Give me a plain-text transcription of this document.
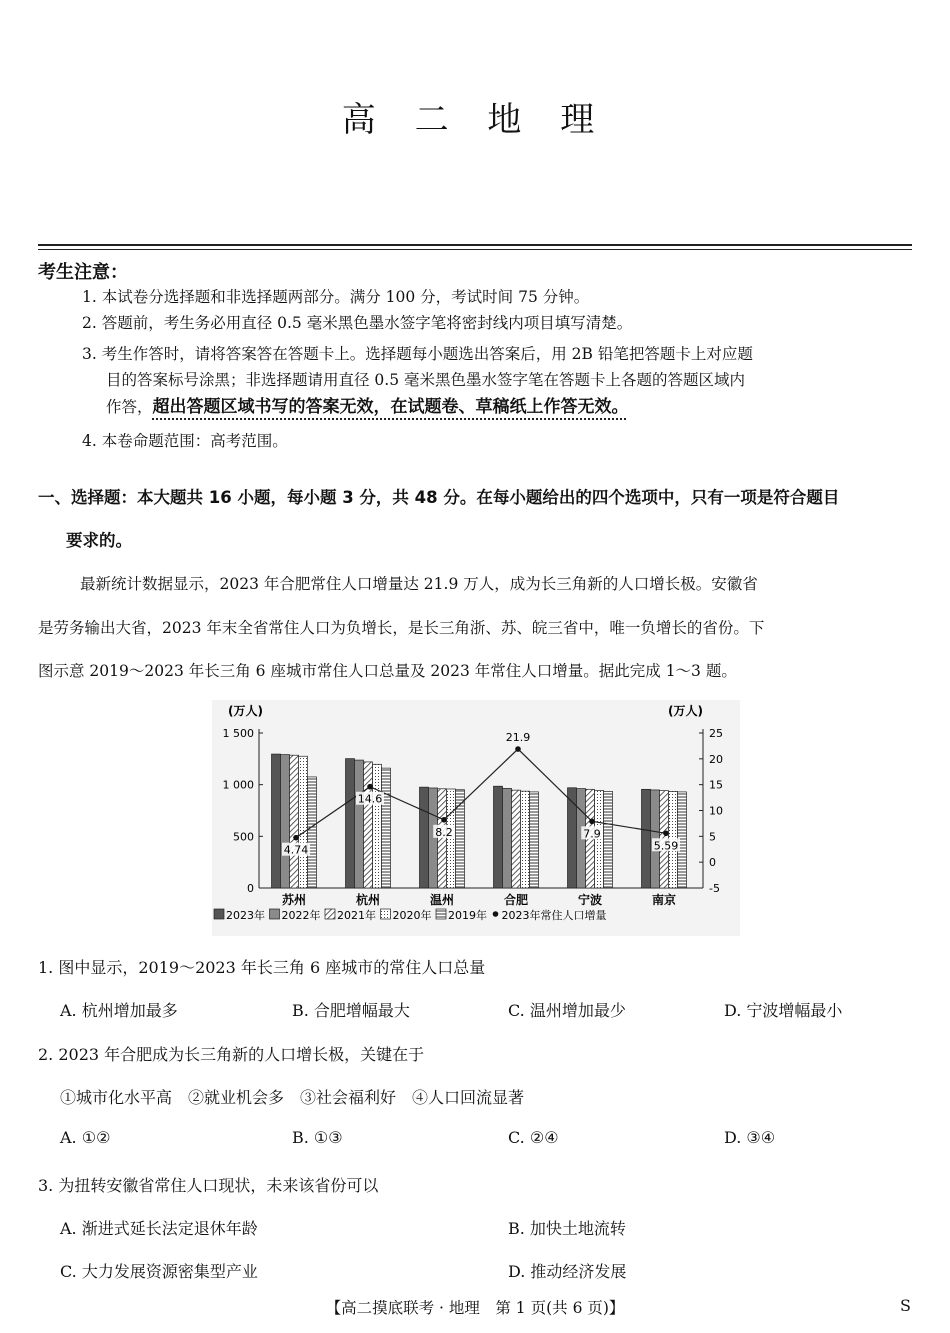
高 二 地 理
考生注意：
1. 本试卷分选择题和非选择题两部分。满分 100 分，考试时间 75 分钟。
2. 答题前，考生务必用直径 0.5 毫米黑色墨水签字笔将密封线内项目填写清楚。
3. 考生作答时，请将答案答在答题卡上。选择题每小题选出答案后，用 2B 铅笔把答题卡上对应题
目的答案标号涂黑；非选择题请用直径 0.5 毫米黑色墨水签字笔在答题卡上各题的答题区域内
作答，超出答题区域书写的答案无效，在试题卷、草稿纸上作答无效。
4. 本卷命题范围：高考范围。
一、选择题：本大题共 16 小题，每小题 3 分，共 48 分。在每小题给出的四个选项中，只有一项是符合题目
要求的。
最新统计数据显示，2023 年合肥常住人口增量达 21.9 万人，成为长三角新的人口增长极。安徽省
是劳务输出大省，2023 年末全省常住人口为负增长，是长三角浙、苏、皖三省中，唯一负增长的省份。下
图示意 2019～2023 年长三角 6 座城市常住人口总量及 2023 年常住人口增量。据此完成 1～3 题。
(万人)	(万人)
0
500
1 000
1 500
-5
0
5
10
15
20
25
4.74
14.6
8.2
21.9
7.9
5.59
苏州	杭州	温州	合肥	宁波	南京
2023年 2022年 2021年 2020年 2019年 2023年常住人口增量
1. 图中显示，2019～2023 年长三角 6 座城市的常住人口总量
A. 杭州增加最多	B. 合肥增幅最大	C. 温州增加最少	D. 宁波增幅最小
2. 2023 年合肥成为长三角新的人口增长极，关键在于
①城市化水平高　②就业机会多　③社会福利好　④人口回流显著
A. ①②	B. ①③	C. ②④	D. ③④
3. 为扭转安徽省常住人口现状，未来该省份可以
A. 渐进式延长法定退休年龄	B. 加快土地流转
C. 大力发展资源密集型产业	D. 推动经济发展
【高二摸底联考 · 地理　第 1 页(共 6 页)】	S
